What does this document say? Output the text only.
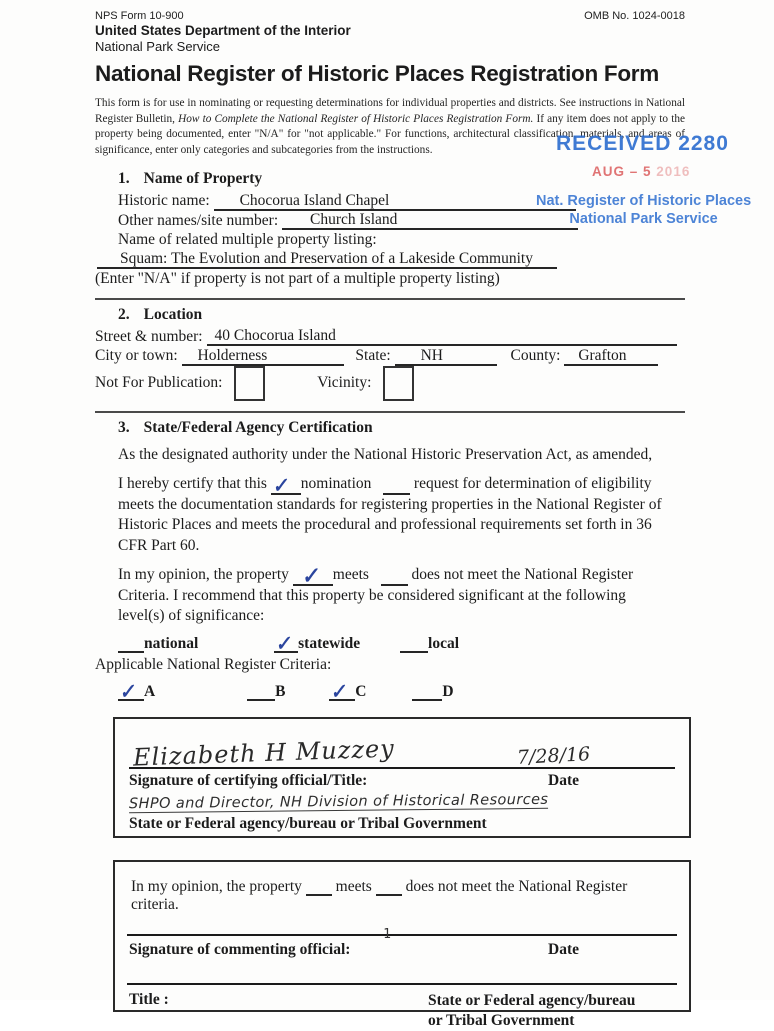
NPS Form 10-900	OMB No. 1024-0018
United States Department of the Interior
National Park Service
National Register of Historic Places Registration Form

This form is for use in nominating or requesting determinations for individual properties and districts. See instructions in National Register Bulletin, How to Complete the National Register of Historic Places Registration Form. If any item does not apply to the property being documented, enter "N/A" for "not applicable." For functions, architectural classification, materials, and areas of significance, enter only categories and subcategories from the instructions.

1. Name of Property
Historic name: Chocorua Island Chapel
Other names/site number: Church Island
Name of related multiple property listing:
Squam: The Evolution and Preservation of a Lakeside Community
(Enter "N/A" if property is not part of a multiple property listing)
2. Location
Street & number: 40 Chocorua Island
City or town: Holderness	State: NH	County: Grafton
Not For Publication:	Vicinity:
3. State/Federal Agency Certification

As the designated authority under the National Historic Preservation Act, as amended,

I hereby certify that this ✓ nomination	request for determination of eligibility meets the documentation standards for registering properties in the National Register of Historic Places and meets the procedural and professional requirements set forth in 36 CFR Part 60.

In my opinion, the property ✓ meets	does not meet the National Register Criteria. I recommend that this property be considered significant at the following level(s) of significance:

national	✓ statewide	local
Applicable National Register Criteria:
✓ A	B ✓ C	D
Elizabeth H Muzzey	7/28/16
Signature of certifying official/Title:	Date
SHPO and Director, NH Division of Historical Resources
State or Federal agency/bureau or Tribal Government
In my opinion, the property meets does not meet the National Register criteria.
Signature of commenting official:	Date
Title :	State or Federal agency/bureau
or Tribal Government
RECEIVED 2280
AUG – 5 2016
Nat. Register of Historic Places
National Park Service
1
